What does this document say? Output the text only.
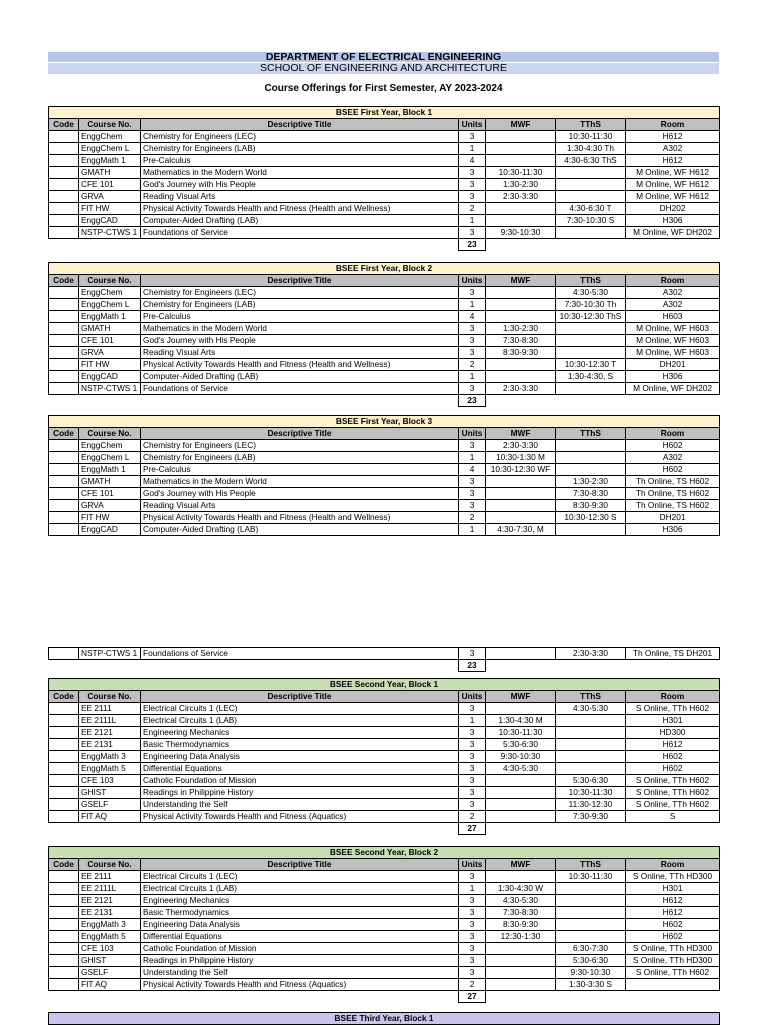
DEPARTMENT OF ELECTRICAL ENGINEERING
SCHOOL OF ENGINEERING AND ARCHITECTURE
Course Offerings for First Semester, AY 2023-2024
BSEE First Year, Block 1						
Code	Course No.	Descriptive Title	Units	MWF	TThS	Room
	EnggChem	Chemistry for Engineers (LEC)	3		10:30-11:30	H612
	EnggChem L	Chemistry for Engineers (LAB)	1		1:30-4:30 Th	A302
	EnggMath 1	Pre-Calculus	4		4:30-6:30 ThS	H612
	GMATH	Mathematics in the Modern World	3	10:30-11:30		M Online, WF H612
	CFE 101	God's Journey with His People	3	1:30-2:30		M Online, WF H612
	GRVA	Reading Visual Arts	3	2:30-3:30		M Online, WF H612
	FIT HW	Physical Activity Towards Health and Fitness (Health and Wellness)	2		4:30-6:30 T	DH202
	EnggCAD	Computer-Aided Drafting (LAB)	1		7:30-10:30 S	H306
	NSTP-CTWS 1	Foundations of Service	3	9:30-10:30		M Online, WF DH202
			23			
BSEE First Year, Block 2						
Code	Course No.	Descriptive Title	Units	MWF	TThS	Room
	EnggChem	Chemistry for Engineers (LEC)	3		4:30-5:30	A302
	EnggChem L	Chemistry for Engineers (LAB)	1		7:30-10:30 Th	A302
	EnggMath 1	Pre-Calculus	4		10:30-12:30 ThS	H603
	GMATH	Mathematics in the Modern World	3	1:30-2:30		M Online, WF H603
	CFE 101	God's Journey with His People	3	7:30-8:30		M Online, WF H603
	GRVA	Reading Visual Arts	3	8:30-9:30		M Online, WF H603
	FIT HW	Physical Activity Towards Health and Fitness (Health and Wellness)	2		10:30-12:30 T	DH201
	EnggCAD	Computer-Aided Drafting (LAB)	1		1:30-4:30, S	H306
	NSTP-CTWS 1	Foundations of Service	3	2:30-3:30		M Online, WF DH202
			23			
BSEE First Year, Block 3						
Code	Course No.	Descriptive Title	Units	MWF	TThS	Room
	EnggChem	Chemistry for Engineers (LEC)	3	2:30-3:30		H602
	EnggChem L	Chemistry for Engineers (LAB)	1	10:30-1:30 M		A302
	EnggMath 1	Pre-Calculus	4	10:30-12:30 WF		H602
	GMATH	Mathematics in the Modern World	3		1:30-2:30	Th Online, TS H602
	CFE 101	God's Journey with His People	3		7:30-8:30	Th Online, TS H602
	GRVA	Reading Visual Arts	3		8:30-9:30	Th Online, TS H602
	FIT HW	Physical Activity Towards Health and Fitness (Health and Wellness)	2		10:30-12:30 S	DH201
	EnggCAD	Computer-Aided Drafting (LAB)	1	4:30-7:30, M		H306
	NSTP-CTWS 1	Foundations of Service	3		2:30-3:30	Th Online, TS DH201
			23			
BSEE Second Year, Block 1						
Code	Course No.	Descriptive Title	Units	MWF	TThS	Room
	EE 2111	Electrical Circuits 1 (LEC)	3		4:30-5:30	S Online, TTh H602
	EE 2111L	Electrical Circuits 1 (LAB)	1	1:30-4:30 M		H301
	EE 2121	Engineering Mechanics	3	10:30-11:30		HD300
	EE 2131	Basic Thermodynamics	3	5:30-6:30		H612
	EnggMath 3	Engineering Data Analysis	3	9:30-10:30		H602
	EnggMath 5	Differential Equations	3	4:30-5:30		H602
	CFE 103	Catholic Foundation of Mission	3		5:30-6:30	S Online, TTh H602
	GHIST	Readings in Philippine History	3		10:30-11:30	S Online, TTh H602
	GSELF	Understanding the Self	3		11:30-12:30	S Online, TTh H602
	FIT AQ	Physical Activity Towards Health and Fitness (Aquatics)	2		7:30-9:30	S
			27			
BSEE Second Year, Block 2						
Code	Course No.	Descriptive Title	Units	MWF	TThS	Room
	EE 2111	Electrical Circuits 1 (LEC)	3		10:30-11:30	S Online, TTh HD300
	EE 2111L	Electrical Circuits 1 (LAB)	1	1:30-4:30 W		H301
	EE 2121	Engineering Mechanics	3	4:30-5:30		H612
	EE 2131	Basic Thermodynamics	3	7:30-8:30		H612
	EnggMath 3	Engineering Data Analysis	3	8:30-9:30		H602
	EnggMath 5	Differential Equations	3	12:30-1:30		H602
	CFE 103	Catholic Foundation of Mission	3		6:30-7:30	S Online, TTh HD300
	GHIST	Readings in Philippine History	3		5:30-6:30	S Online, TTh HD300
	GSELF	Understanding the Self	3		9:30-10:30	S Online, TTh H602
	FIT AQ	Physical Activity Towards Health and Fitness (Aquatics)	2		1:30-3:30 S	
			27			
BSEE Third Year, Block 1
